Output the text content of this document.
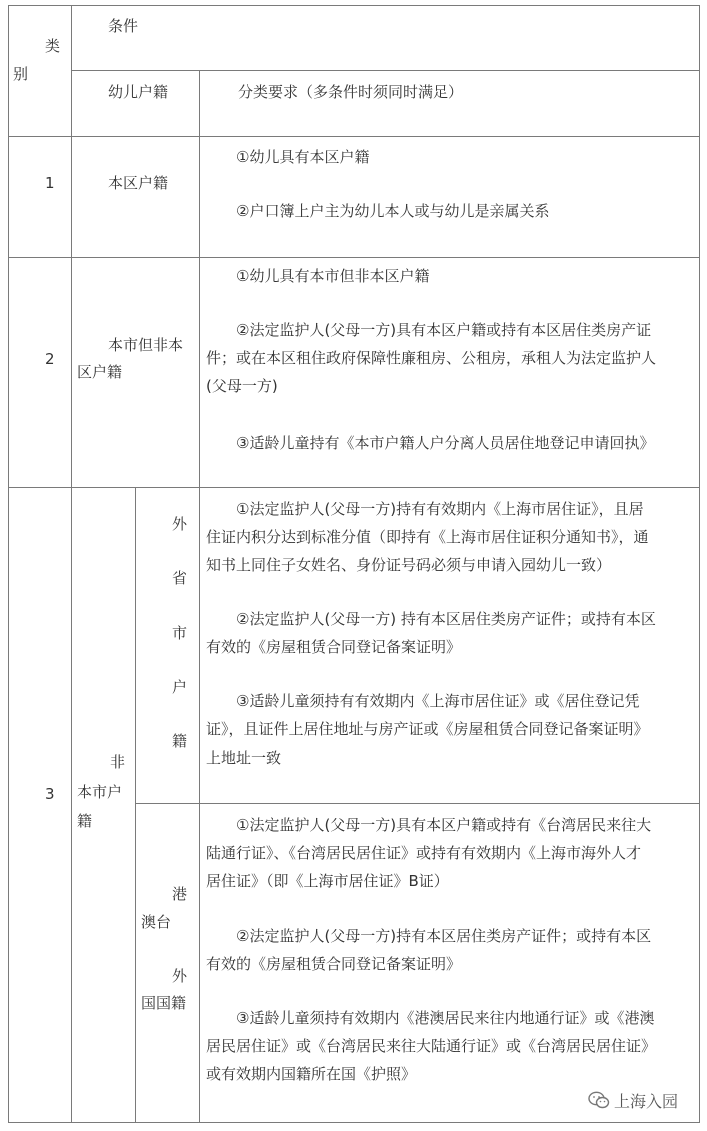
类
别
条件
幼儿户籍	分类要求（多条件时须同时满足）
1	本区户籍
①幼儿具有本区户籍
②户口簿上户主为幼儿本人或与幼儿是亲属关系
2
本市但非本
区户籍
①幼儿具有本市但非本区户籍
②法定监护人(父母一方)具有本区户籍或持有本区居住类房产证
件；或在本区租住政府保障性廉租房、公租房，承租人为法定监护人
(父母一方)
③适龄儿童持有《本市户籍人户分离人员居住地登记申请回执》
3
非
本市户
籍
外
省
市
户
籍
①法定监护人(父母一方)持有有效期内《上海市居住证》，且居
住证内积分达到标准分值（即持有《上海市居住证积分通知书》，通
知书上同住子女姓名、身份证号码必须与申请入园幼儿一致）
②法定监护人(父母一方) 持有本区居住类房产证件；或持有本区
有效的《房屋租赁合同登记备案证明》
③适龄儿童须持有有效期内《上海市居住证》或《居住登记凭
证》，且证件上居住地址与房产证或《房屋租赁合同登记备案证明》
上地址一致
港
澳台
外
国国籍
①法定监护人(父母一方)具有本区户籍或持有《台湾居民来往大
陆通行证》、《台湾居民居住证》或持有有效期内《上海市海外人才
居住证》（即《上海市居住证》B证）
②法定监护人(父母一方)持有本区居住类房产证件；或持有本区
有效的《房屋租赁合同登记备案证明》
③适龄儿童须持有效期内《港澳居民来往内地通行证》或《港澳
居民居住证》或《台湾居民来往大陆通行证》或《台湾居民居住证》
或有效期内国籍所在国《护照》
上海入园
